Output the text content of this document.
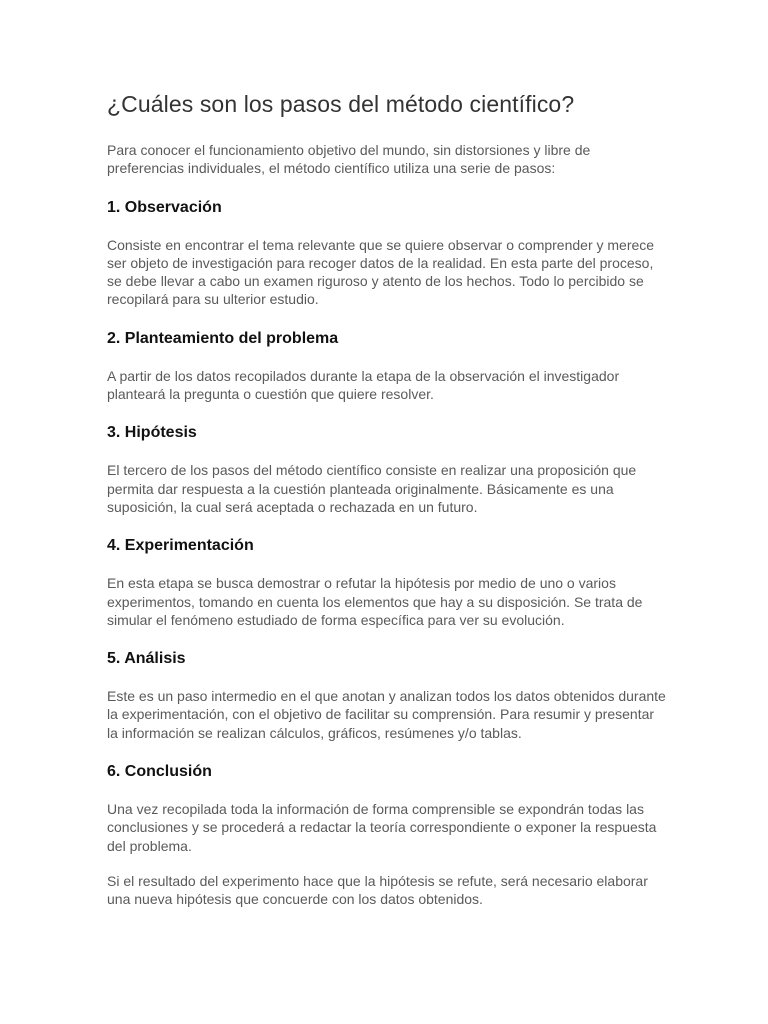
¿Cuáles son los pasos del método científico?

Para conocer el funcionamiento objetivo del mundo, sin distorsiones y libre de preferencias individuales, el método científico utiliza una serie de pasos:

1. Observación

Consiste en encontrar el tema relevante que se quiere observar o comprender y merece ser objeto de investigación para recoger datos de la realidad. En esta parte del proceso, se debe llevar a cabo un examen riguroso y atento de los hechos. Todo lo percibido se recopilará para su ulterior estudio.

2. Planteamiento del problema

A partir de los datos recopilados durante la etapa de la observación el investigador planteará la pregunta o cuestión que quiere resolver.

3. Hipótesis

El tercero de los pasos del método científico consiste en realizar una proposición que permita dar respuesta a la cuestión planteada originalmente. Básicamente es una suposición, la cual será aceptada o rechazada en un futuro.

4. Experimentación

En esta etapa se busca demostrar o refutar la hipótesis por medio de uno o varios experimentos, tomando en cuenta los elementos que hay a su disposición. Se trata de simular el fenómeno estudiado de forma específica para ver su evolución.

5. Análisis

Este es un paso intermedio en el que anotan y analizan todos los datos obtenidos durante la experimentación, con el objetivo de facilitar su comprensión. Para resumir y presentar la información se realizan cálculos, gráficos, resúmenes y/o tablas.

6. Conclusión

Una vez recopilada toda la información de forma comprensible se expondrán todas las conclusiones y se procederá a redactar la teoría correspondiente o exponer la respuesta del problema.

Si el resultado del experimento hace que la hipótesis se refute, será necesario elaborar una nueva hipótesis que concuerde con los datos obtenidos.
